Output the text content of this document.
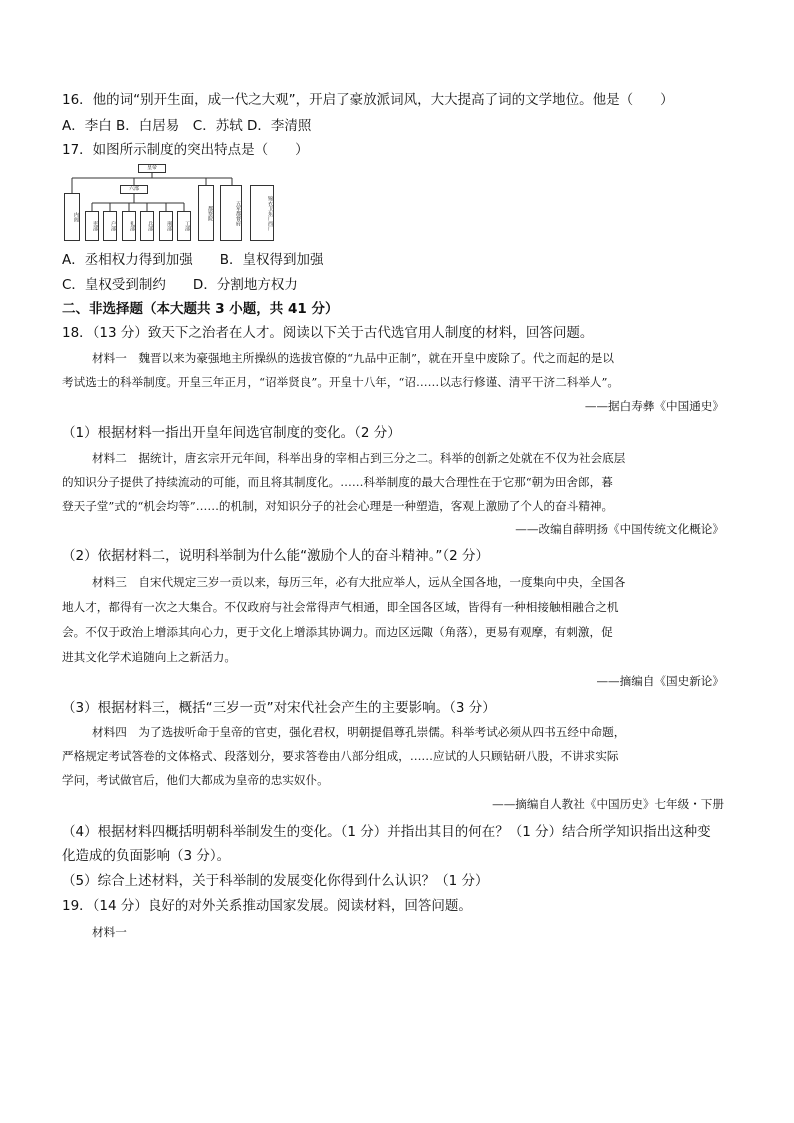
16．他的词“别开生面，成一代之大观”，开启了豪放派词风，大大提高了词的文学地位。他是（　　）
A．李白 B．白居易　C．苏轼 D．李清照
17．如图所示制度的突出特点是（　　）
皇帝
六部
内阁
吏部	户部	礼部	兵部	刑部	工部
都察院	五军都督府	锦衣卫东厂西厂
A．丞相权力得到加强　　B．皇权得到加强
C．皇权受到制约　　D．分割地方权力
二、非选择题（本大题共 3 小题，共 41 分）
18．（13 分）致天下之治者在人才。阅读以下关于古代选官用人制度的材料，回答问题。
材料一　魏晋以来为豪强地主所操纵的选拔官僚的“九品中正制”，就在开皇中废除了。代之而起的是以
考试选士的科举制度。开皇三年正月，“诏举贤良”。开皇十八年，“诏……以志行修谨、清平干济二科举人”。
——据白寿彝《中国通史》
（1）根据材料一指出开皇年间选官制度的变化。（2 分）
材料二　据统计，唐玄宗开元年间，科举出身的宰相占到三分之二。科举的创新之处就在不仅为社会底层
的知识分子提供了持续流动的可能，而且将其制度化。……科举制度的最大合理性在于它那“朝为田舍郎，暮
登天子堂”式的“机会均等”……的机制，对知识分子的社会心理是一种塑造，客观上激励了个人的奋斗精神。
——改编自薛明扬《中国传统文化概论》
（2）依据材料二，说明科举制为什么能“激励个人的奋斗精神。”（2 分）
材料三　自宋代规定三岁一贡以来，每历三年，必有大批应举人，远从全国各地，一度集向中央，全国各
地人才，都得有一次之大集合。不仅政府与社会常得声气相通，即全国各区域，皆得有一种相接触相融合之机
会。不仅于政治上增添其向心力，更于文化上增添其协调力。而边区远陬（角落），更易有观摩，有刺激，促
进其文化学术追随向上之新活力。
——摘编自《国史新论》
（3）根据材料三，概括“三岁一贡”对宋代社会产生的主要影响。（3 分）
材料四　为了选拔听命于皇帝的官吏，强化君权，明朝提倡尊孔崇儒。科举考试必须从四书五经中命题，
严格规定考试答卷的文体格式、段落划分，要求答卷由八部分组成，……应试的人只顾钻研八股，不讲求实际
学问，考试做官后，他们大都成为皇帝的忠实奴仆。
——摘编自人教社《中国历史》七年级・下册
（4）根据材料四概括明朝科举制发生的变化。（1 分）并指出其目的何在？（1 分）结合所学知识指出这种变
化造成的负面影响（3 分）。
（5）综合上述材料，关于科举制的发展变化你得到什么认识？（1 分）
19．（14 分）良好的对外关系推动国家发展。阅读材料，回答问题。
材料一
